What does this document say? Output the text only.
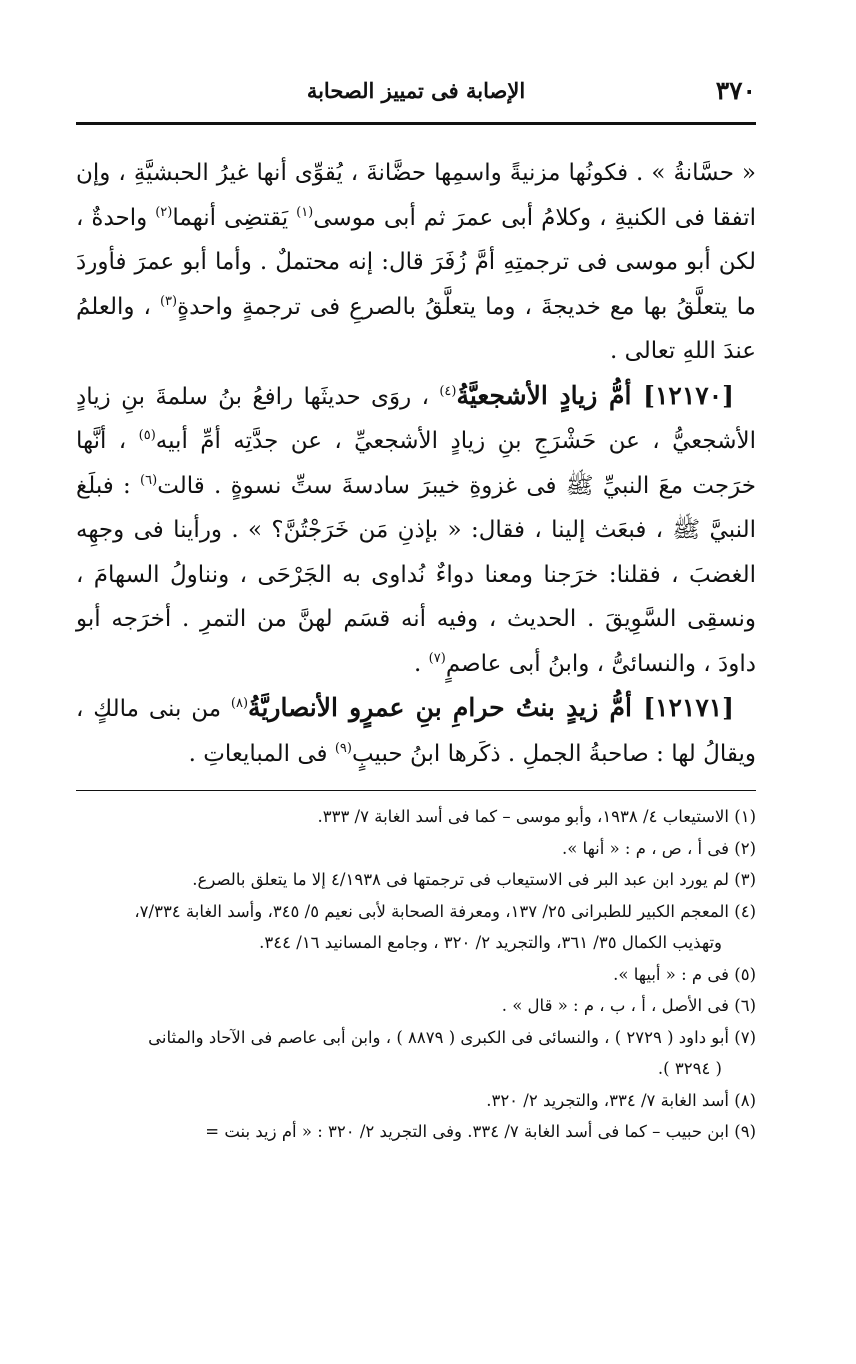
٣٧٠
الإصابة فى تمييز الصحابة

« حسَّانةُ » . فكونُها مزنيةً واسمِها حضَّانةَ ، يُقوِّى أنها غيرُ الحبشيَّةِ ، وإن اتفقا فى الكنيةِ ، وكلامُ أبى عمرَ ثم أبى موسى$^{(١)}$ يَقتضِى أنهما$^{(٢)}$ واحدةٌ ، لكن أبو موسى فى ترجمتِهِ أمَّ زُفَرَ قال: إنه محتملٌ . وأما أبو عمرَ فأوردَ ما يتعلَّقُ بها مع خديجةَ ، وما يتعلَّقُ بالصرعِ فى ترجمةٍ واحدةٍ$^{(٣)}$ ، والعلمُ عندَ اللهِ تعالى .

[١٢١٧٠] أمُّ زيادٍ الأشجعيَّةُ$^{(٤)}$ ، روَى حديثَها رافعُ بنُ سلمةَ بنِ زيادٍ الأشجعيُّ ، عن حَشْرَجِ بنِ زيادٍ الأشجعيِّ ، عن جدَّتِه أمِّ أبيه$^{(٥)}$ ، أنَّها خرَجت معَ النبيِّ ﷺ فى غزوةِ خيبرَ سادسةَ ستِّ نسوةٍ . قالت$^{(٦)}$ : فبلَغ النبيَّ ﷺ ، فبعَث إلينا ، فقال: « بإذنِ مَن خَرَجْتُنَّ؟ » . ورأينا فى وجهِه الغضبَ ، فقلنا: خرَجنا ومعنا دواءٌ نُداوى به الجَرْحَى ، ونناولُ السهامَ ، ونسقِى السَّوِيقَ . الحديث ، وفيه أنه قسَم لهنَّ من التمرِ . أخرَجه أبو داودَ ، والنسائىُّ ، وابنُ أبى عاصمٍ$^{(٧)}$ .

[١٢١٧١] أمُّ زيدٍ بنتُ حرامِ بنِ عمرٍو الأنصاريَّةُ$^{(٨)}$ من بنى مالكٍ ، ويقالُ لها : صاحبةُ الجملِ . ذكَرها ابنُ حبيبٍ$^{(٩)}$ فى المبايعاتِ .

(١) الاستيعاب ٤/ ١٩٣٨، وأبو موسى – كما فى أسد الغابة ٧/ ٣٣٣.

(٢) فى أ ، ص ، م : « أنها ».

(٣) لم يورد ابن عبد البر فى الاستيعاب فى ترجمتها فى ٤/١٩٣٨ إلا ما يتعلق بالصرع.

(٤) المعجم الكبير للطبرانى ٢٥/ ١٣٧، ومعرفة الصحابة لأبى نعيم ٥/ ٣٤٥، وأسد الغابة ٧/٣٣٤،

وتهذيب الكمال ٣٥/ ٣٦١، والتجريد ٢/ ٣٢٠ ، وجامع المسانيد ١٦/ ٣٤٤.

(٥) فى م : « أبيها ».

(٦) فى الأصل ، أ ، ب ، م : « قال » .

(٧) أبو داود ( ٢٧٢٩ ) ، والنسائى فى الكبرى ( ٨٨٧٩ ) ، وابن أبى عاصم فى الآحاد والمثانى

( ٣٢٩٤ ).

(٨) أسد الغابة ٧/ ٣٣٤، والتجريد ٢/ ٣٢٠.

(٩) ابن حبيب – كما فى أسد الغابة ٧/ ٣٣٤. وفى التجريد ٢/ ٣٢٠ : « أم زيد بنت =
